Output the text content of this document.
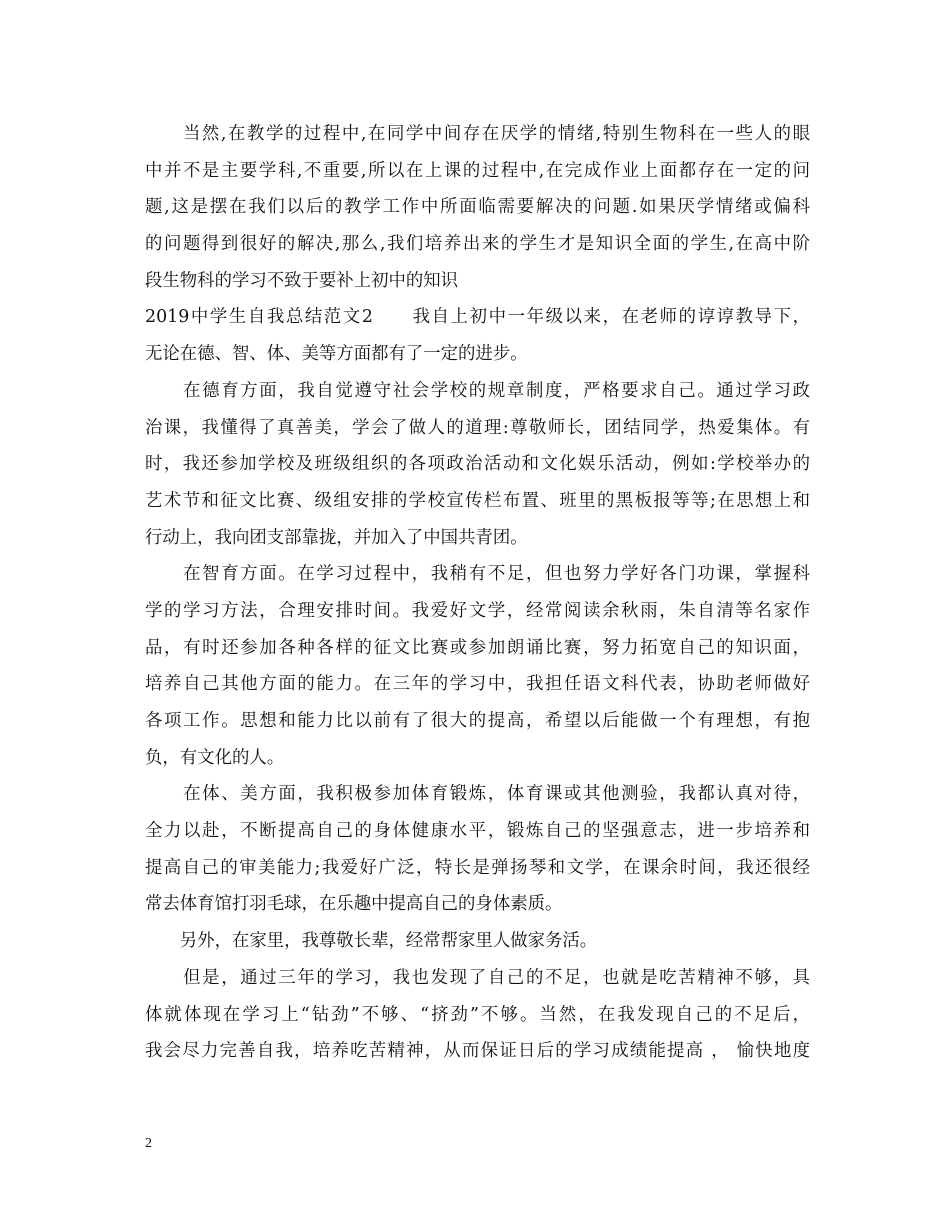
　　当然,在教学的过程中,在同学中间存在厌学的情绪,特别生物科在一些人的眼
中并不是主要学科,不重要,所以在上课的过程中,在完成作业上面都存在一定的问
题,这是摆在我们以后的教学工作中所面临需要解决的问题.如果厌学情绪或偏科
的问题得到很好的解决,那么,我们培养出来的学生才是知识全面的学生,在高中阶
段生物科的学习不致于要补上初中的知识
2019中学生自我总结范文2　　我自上初中一年级以来，在老师的谆谆教导下，
无论在德、智、体、美等方面都有了一定的进步。
　　在德育方面，我自觉遵守社会学校的规章制度，严格要求自己。通过学习政
治课，我懂得了真善美，学会了做人的道理:尊敬师长，团结同学，热爱集体。有
时，我还参加学校及班级组织的各项政治活动和文化娱乐活动，例如:学校举办的
艺术节和征文比赛、级组安排的学校宣传栏布置、班里的黑板报等等;在思想上和
行动上，我向团支部靠拢，并加入了中国共青团。
　　在智育方面。在学习过程中，我稍有不足，但也努力学好各门功课，掌握科
学的学习方法，合理安排时间。我爱好文学，经常阅读余秋雨，朱自清等名家作
品，有时还参加各种各样的征文比赛或参加朗诵比赛，努力拓宽自己的知识面，
培养自己其他方面的能力。在三年的学习中，我担任语文科代表，协助老师做好
各项工作。思想和能力比以前有了很大的提高，希望以后能做一个有理想，有抱
负，有文化的人。
　　在体、美方面，我积极参加体育锻炼，体育课或其他测验，我都认真对待，
全力以赴，不断提高自己的身体健康水平，锻炼自己的坚强意志，进一步培养和
提高自己的审美能力;我爱好广泛，特长是弹扬琴和文学，在课余时间，我还很经
常去体育馆打羽毛球，在乐趣中提高自己的身体素质。
　　另外，在家里，我尊敬长辈，经常帮家里人做家务活。
　　但是，通过三年的学习，我也发现了自己的不足，也就是吃苦精神不够，具
体就体现在学习上“钻劲”不够、“挤劲”不够。当然，在我发现自己的不足后，
我会尽力完善自我，培养吃苦精神，从而保证日后的学习成绩能提高 ， 愉快地度
2
